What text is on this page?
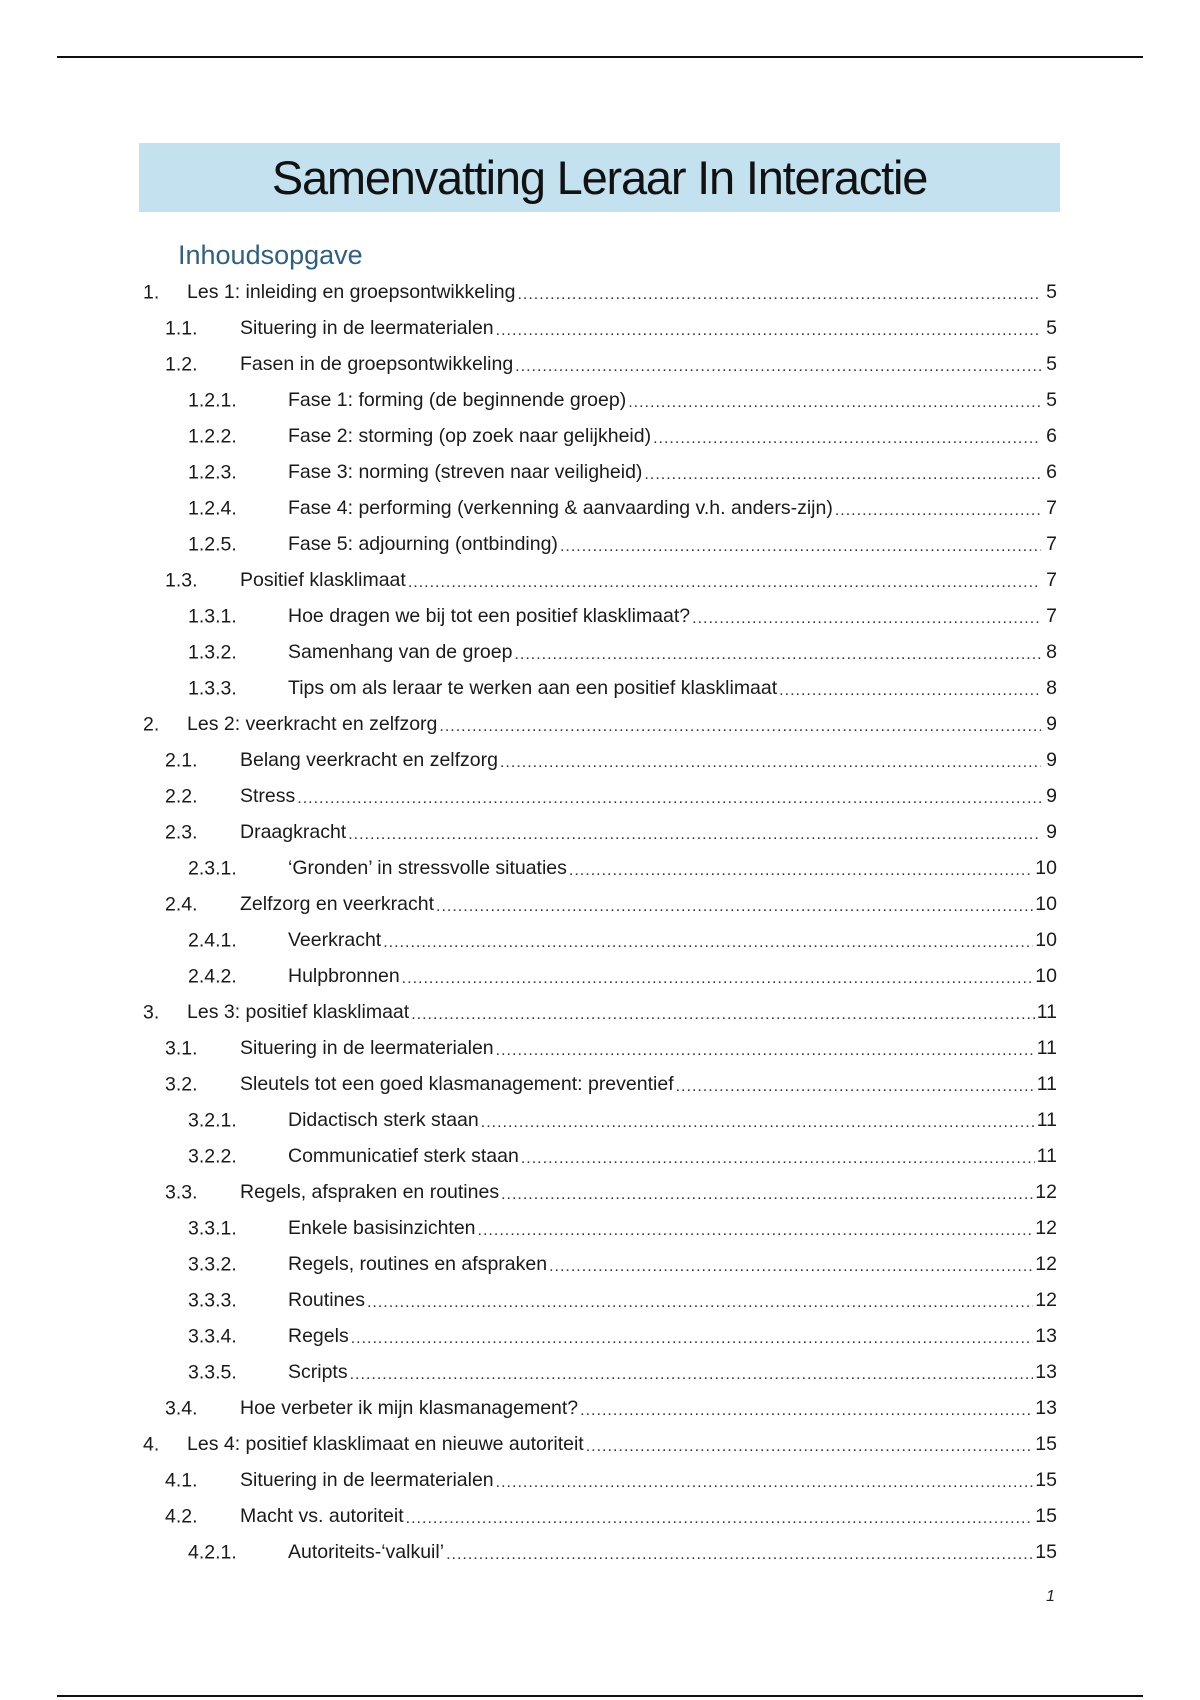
Samenvatting Leraar In Interactie
Inhoudsopgave
1. Les 1: inleiding en groepsontwikkeling .....	5
1.1. Situering in de leermaterialen .....	5
1.2. Fasen in de groepsontwikkeling .....	5
1.2.1.	Fase 1: forming (de beginnende groep) .....	5
1.2.2.	Fase 2: storming (op zoek naar gelijkheid) .....	6
1.2.3.	Fase 3: norming (streven naar veiligheid) .....	6
1.2.4.	Fase 4: performing (verkenning & aanvaarding v.h. anders-zijn) .....	7
1.2.5.	Fase 5: adjourning (ontbinding) .....	7
1.3. Positief klasklimaat .....	7
1.3.1.	Hoe dragen we bij tot een positief klasklimaat? .....	7
1.3.2.	Samenhang van de groep .....	8
1.3.3.	Tips om als leraar te werken aan een positief klasklimaat .....	8
2. Les 2: veerkracht en zelfzorg .....	9
2.1. Belang veerkracht en zelfzorg .....	9
2.2. Stress .....	9
2.3. Draagkracht .....	9
2.3.1.	‘Gronden’ in stressvolle situaties .....	10
2.4. Zelfzorg en veerkracht .....	10
2.4.1.	Veerkracht .....	10
2.4.2.	Hulpbronnen .....	10
3. Les 3: positief klasklimaat .....	11
3.1. Situering in de leermaterialen .....	11
3.2. Sleutels tot een goed klasmanagement: preventief .....	11
3.2.1.	Didactisch sterk staan .....	11
3.2.2.	Communicatief sterk staan .....	11
3.3. Regels, afspraken en routines .....	12
3.3.1.	Enkele basisinzichten .....	12
3.3.2.	Regels, routines en afspraken .....	12
3.3.3.	Routines .....	12
3.3.4.	Regels .....	13
3.3.5.	Scripts .....	13
3.4. Hoe verbeter ik mijn klasmanagement? .....	13
4. Les 4: positief klasklimaat en nieuwe autoriteit .....	15
4.1. Situering in de leermaterialen .....	15
4.2. Macht vs. autoriteit .....	15
4.2.1.	Autoriteits-‘valkuil’ .....	15
1
